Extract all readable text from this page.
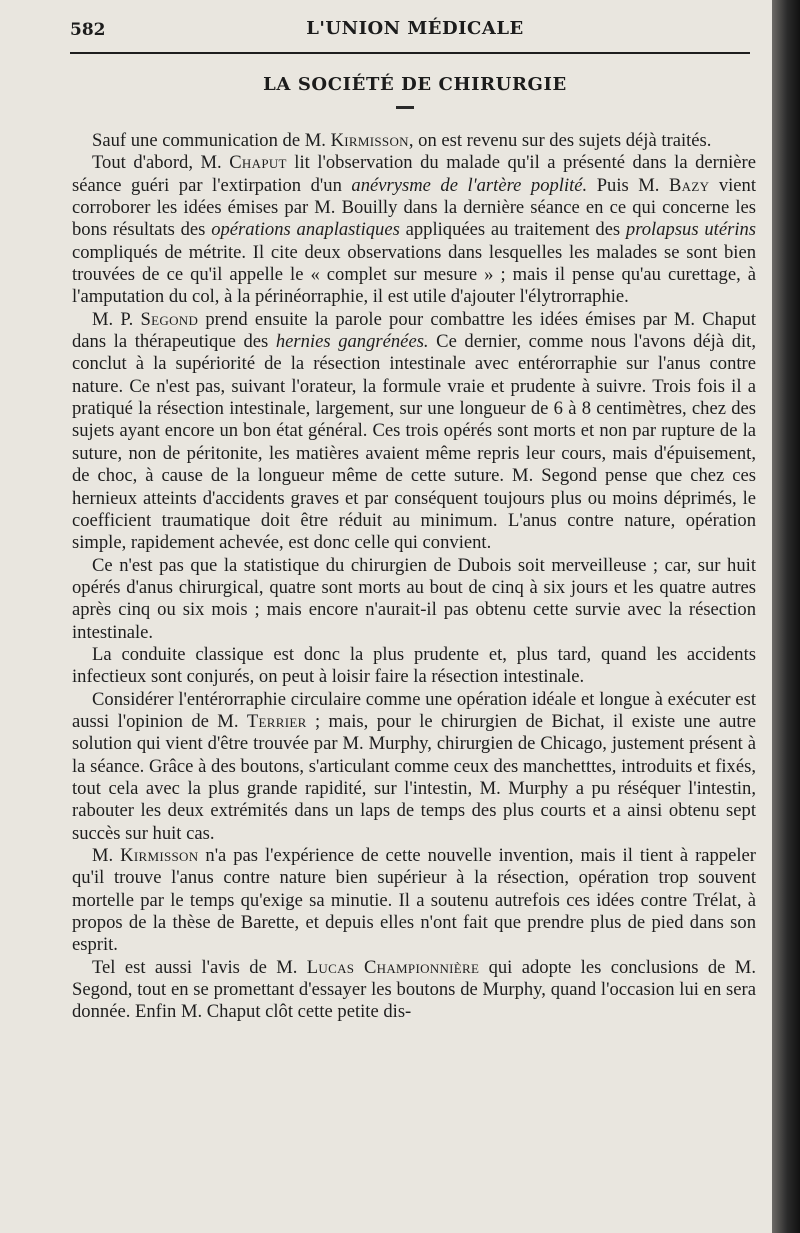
582	L'UNION MÉDICALE
LA SOCIÉTÉ DE CHIRURGIE

Sauf une communication de M. Kirmisson, on est revenu sur des sujets déjà traités.

Tout d'abord, M. Chaput lit l'observation du malade qu'il a présenté dans la dernière séance guéri par l'extirpation d'un anévrysme de l'artère poplité. Puis M. Bazy vient corroborer les idées émises par M. Bouilly dans la dernière séance en ce qui concerne les bons résultats des opérations anaplastiques appliquées au traitement des prolapsus utérins compliqués de métrite. Il cite deux observations dans lesquelles les malades se sont bien trouvées de ce qu'il appelle le « complet sur mesure » ; mais il pense qu'au curettage, à l'amputation du col, à la périnéorraphie, il est utile d'ajouter l'élytrorraphie.

M. P. Segond prend ensuite la parole pour combattre les idées émises par M. Chaput dans la thérapeutique des hernies gangrénées. Ce dernier, comme nous l'avons déjà dit, conclut à la supériorité de la résection intestinale avec entérorraphie sur l'anus contre nature. Ce n'est pas, suivant l'orateur, la formule vraie et prudente à suivre. Trois fois il a pratiqué la résection intestinale, largement, sur une longueur de 6 à 8 centimètres, chez des sujets ayant encore un bon état général. Ces trois opérés sont morts et non par rupture de la suture, non de péritonite, les matières avaient même repris leur cours, mais d'épuisement, de choc, à cause de la longueur même de cette suture. M. Segond pense que chez ces hernieux atteints d'accidents graves et par conséquent toujours plus ou moins déprimés, le coefficient traumatique doit être réduit au minimum. L'anus contre nature, opération simple, rapidement achevée, est donc celle qui convient.

Ce n'est pas que la statistique du chirurgien de Dubois soit merveilleuse ; car, sur huit opérés d'anus chirurgical, quatre sont morts au bout de cinq à six jours et les quatre autres après cinq ou six mois ; mais encore n'aurait-il pas obtenu cette survie avec la résection intestinale.

La conduite classique est donc la plus prudente et, plus tard, quand les accidents infectieux sont conjurés, on peut à loisir faire la résection intestinale.

Considérer l'entérorraphie circulaire comme une opération idéale et longue à exécuter est aussi l'opinion de M. Terrier ; mais, pour le chirurgien de Bichat, il existe une autre solution qui vient d'être trouvée par M. Murphy, chirurgien de Chicago, justement présent à la séance. Grâce à des boutons, s'articulant comme ceux des manchetttes, introduits et fixés, tout cela avec la plus grande rapidité, sur l'intestin, M. Murphy a pu réséquer l'intestin, rabouter les deux extrémités dans un laps de temps des plus courts et a ainsi obtenu sept succès sur huit cas.

M. Kirmisson n'a pas l'expérience de cette nouvelle invention, mais il tient à rappeler qu'il trouve l'anus contre nature bien supérieur à la résection, opération trop souvent mortelle par le temps qu'exige sa minutie. Il a soutenu autrefois ces idées contre Trélat, à propos de la thèse de Barette, et depuis elles n'ont fait que prendre plus de pied dans son esprit.

Tel est aussi l'avis de M. Lucas Championnière qui adopte les conclusions de M. Segond, tout en se promettant d'essayer les boutons de Murphy, quand l'occasion lui en sera donnée. Enfin M. Chaput clôt cette petite dis-
